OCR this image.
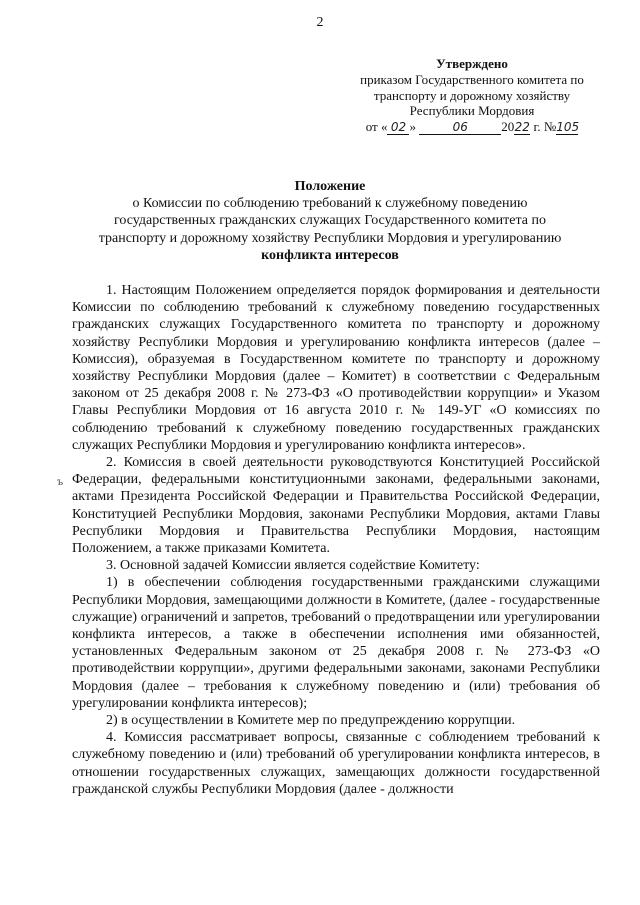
2
Утверждено
приказом Государственного комитета по
транспорту и дорожному хозяйству
Республики Мордовия
от « 02 »	06	2022 г. №105
Положение
о Комиссии по соблюдению требований к служебному поведению
государственных гражданских служащих Государственного комитета по
транспорту и дорожному хозяйству Республики Мордовия и урегулированию
конфликта интересов
ъ

1. Настоящим Положением определяется порядок формирования и деятельности Комиссии по соблюдению требований к служебному поведению государственных гражданских служащих Государственного комитета по транспорту и дорожному хозяйству Республики Мордовия и урегулированию конфликта интересов (далее – Комиссия), образуемая в Государственном комитете по транспорту и дорожному хозяйству Республики Мордовия (далее – Комитет) в соответствии с Федеральным законом от 25 декабря 2008 г. № 273-ФЗ «О противодействии коррупции» и Указом Главы Республики Мордовия от 16 августа 2010 г. № 149-УГ «О комиссиях по соблюдению требований к служебному поведению государственных гражданских служащих Республики Мордовия и урегулированию конфликта интересов».

2. Комиссия в своей деятельности руководствуются Конституцией Российской Федерации, федеральными конституционными законами, федеральными законами, актами Президента Российской Федерации и Правительства Российской Федерации, Конституцией Республики Мордовия, законами Республики Мордовия, актами Главы Республики Мордовия и Правительства Республики Мордовия, настоящим Положением, а также приказами Комитета.

3. Основной задачей Комиссии является содействие Комитету:

1) в обеспечении соблюдения государственными гражданскими служащими Республики Мордовия, замещающими должности в Комитете, (далее - государственные служащие) ограничений и запретов, требований о предотвращении или урегулировании конфликта интересов, а также в обеспечении исполнения ими обязанностей, установленных Федеральным законом от 25 декабря 2008 г. № 273-ФЗ «О противодействии коррупции», другими федеральными законами, законами Республики Мордовия (далее – требования к служебному поведению и (или) требования об урегулировании конфликта интересов);

2) в осуществлении в Комитете мер по предупреждению коррупции.

4. Комиссия рассматривает вопросы, связанные с соблюдением требований к служебному поведению и (или) требований об урегулировании конфликта интересов, в отношении государственных служащих, замещающих должности государственной гражданской службы Республики Мордовия (далее - должности
